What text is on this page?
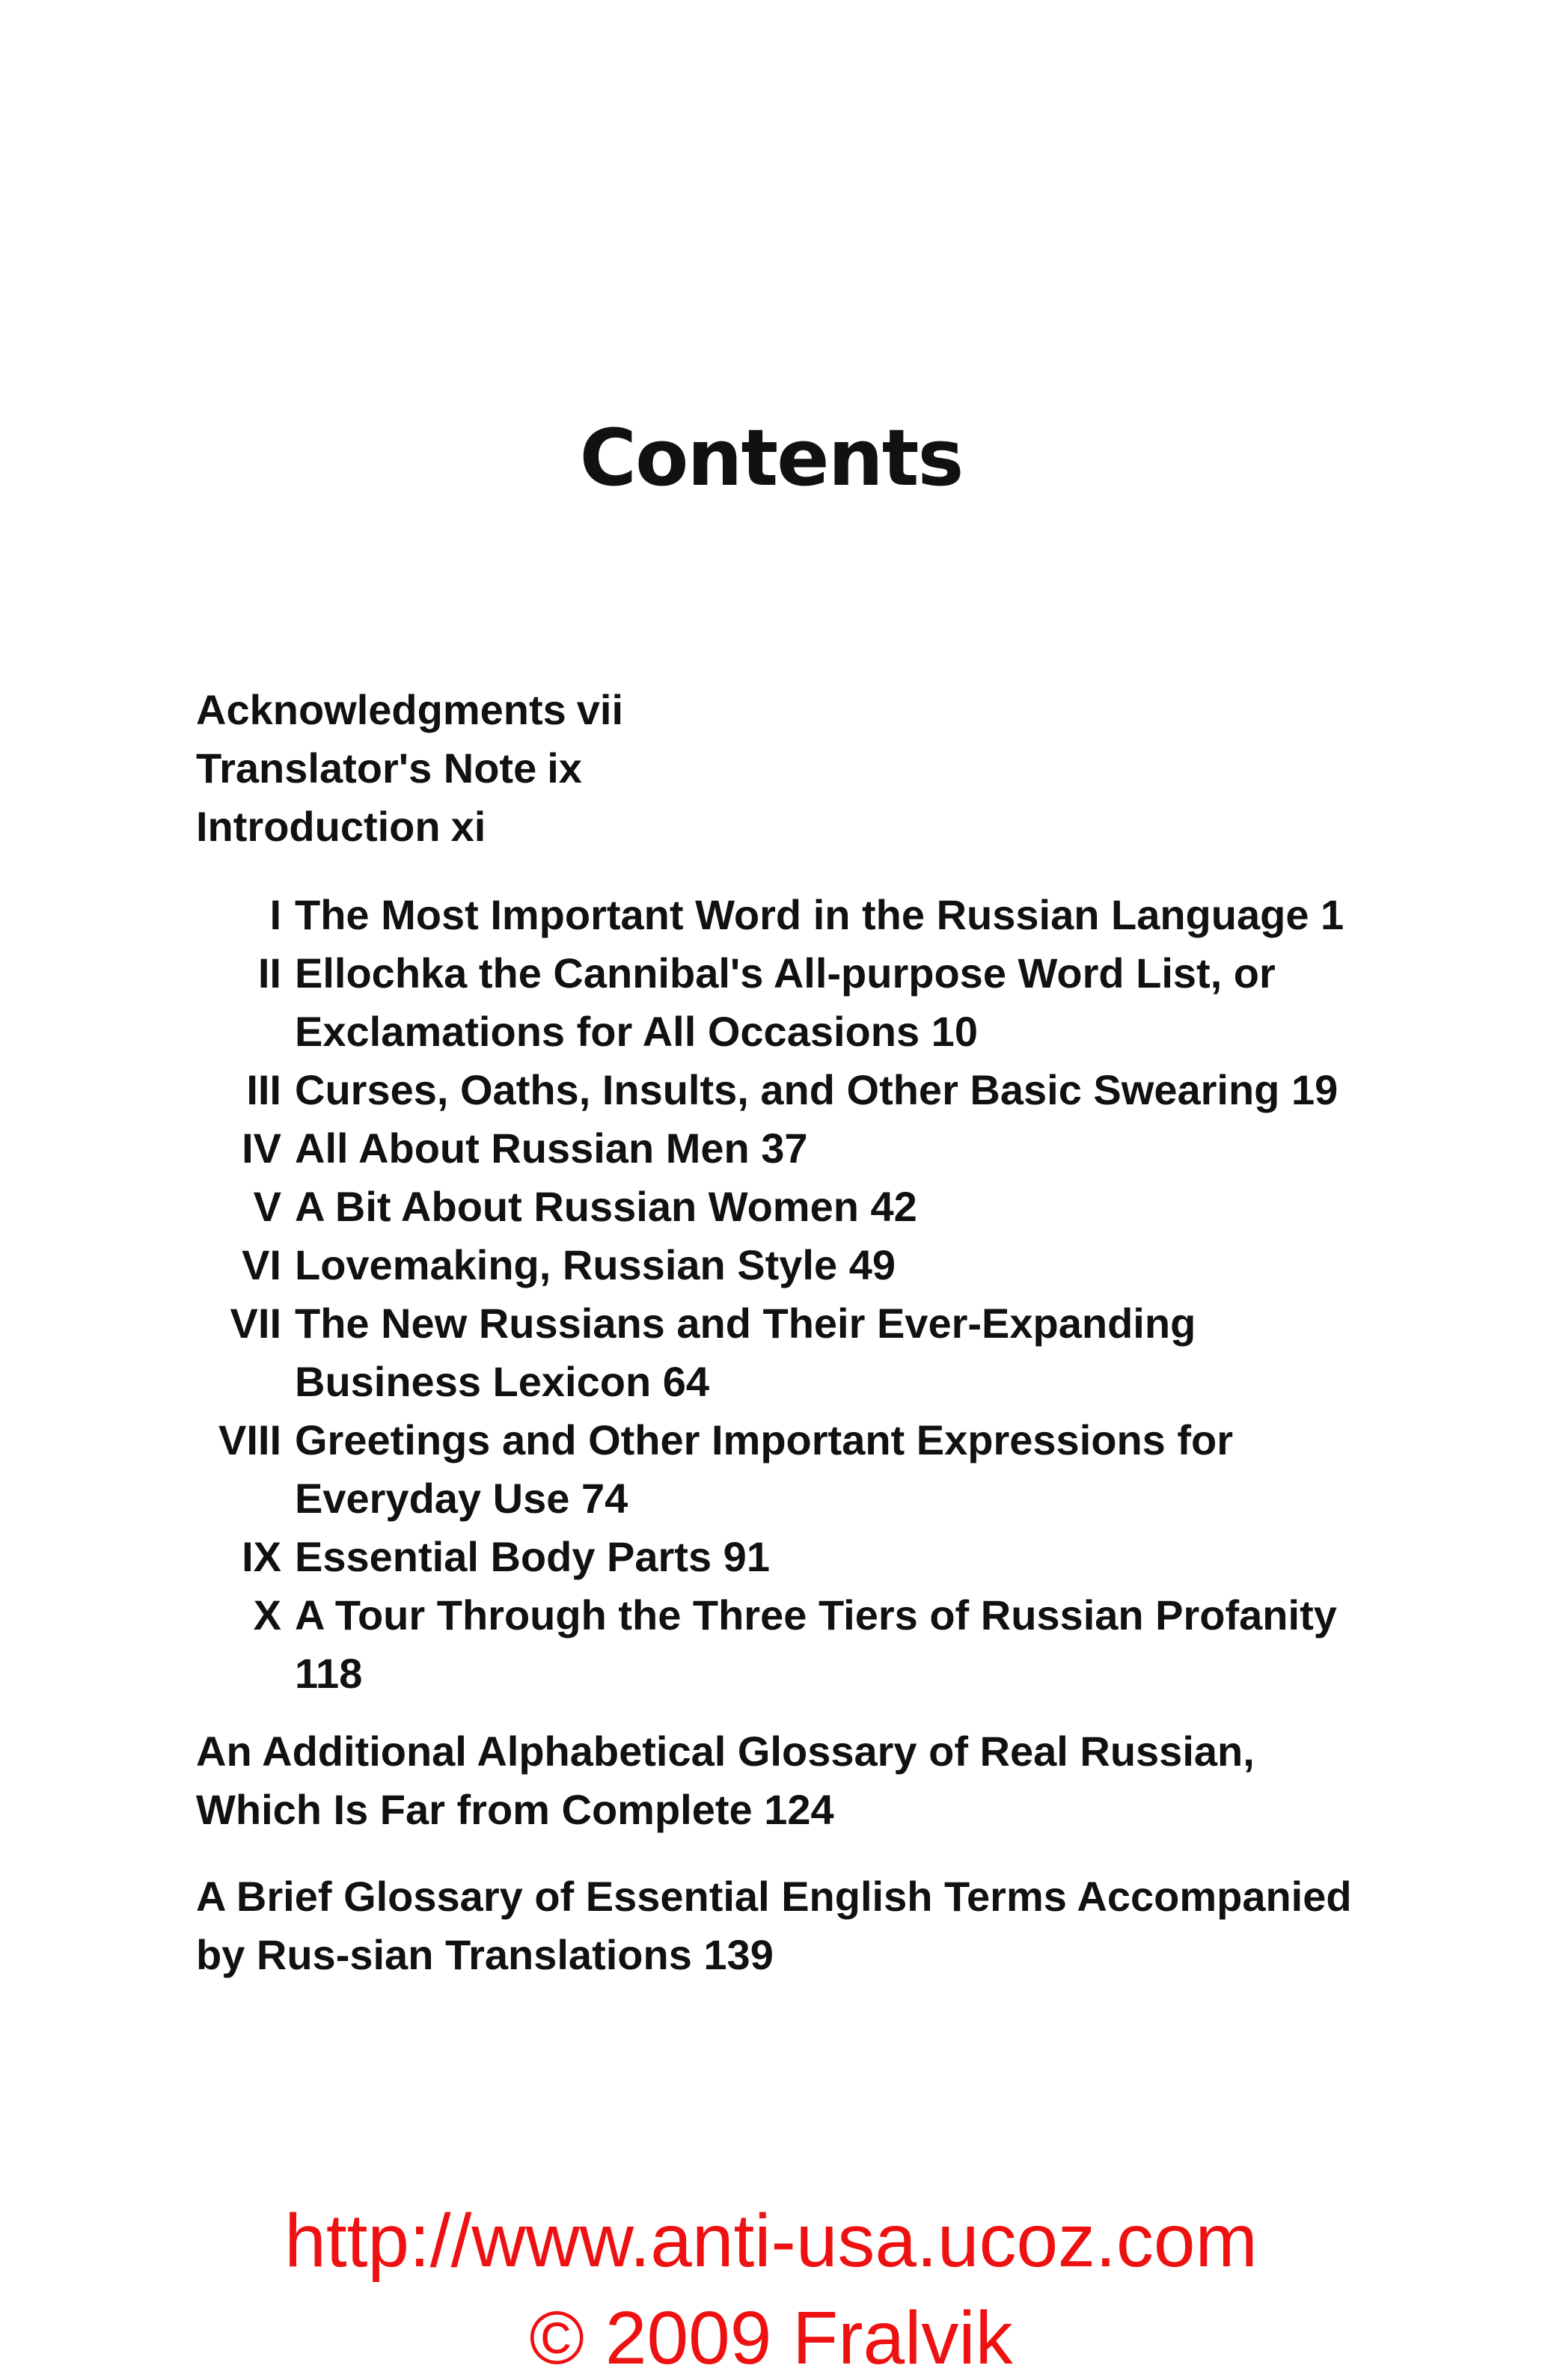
Contents
Acknowledgments vii
Translator's Note ix
Introduction xi
I The Most Important Word in the Russian Language 1
II Ellochka the Cannibal's All-purpose Word List, or Exclamations for All Occasions 10
III Curses, Oaths, Insults, and Other Basic Swearing 19
IV All About Russian Men 37
V A Bit About Russian Women 42
VI Lovemaking, Russian Style 49
VII The New Russians and Their Ever-Expanding Business Lexicon 64
VIII Greetings and Other Important Expressions for Everyday Use 74
IX Essential Body Parts 91
X A Tour Through the Three Tiers of Russian Profanity 118
An Additional Alphabetical Glossary of Real Russian, Which Is Far from Complete 124
A Brief Glossary of Essential English Terms Accompanied by Rus-sian Translations 139
http://www.anti-usa.ucoz.com
© 2009 Fralvik
